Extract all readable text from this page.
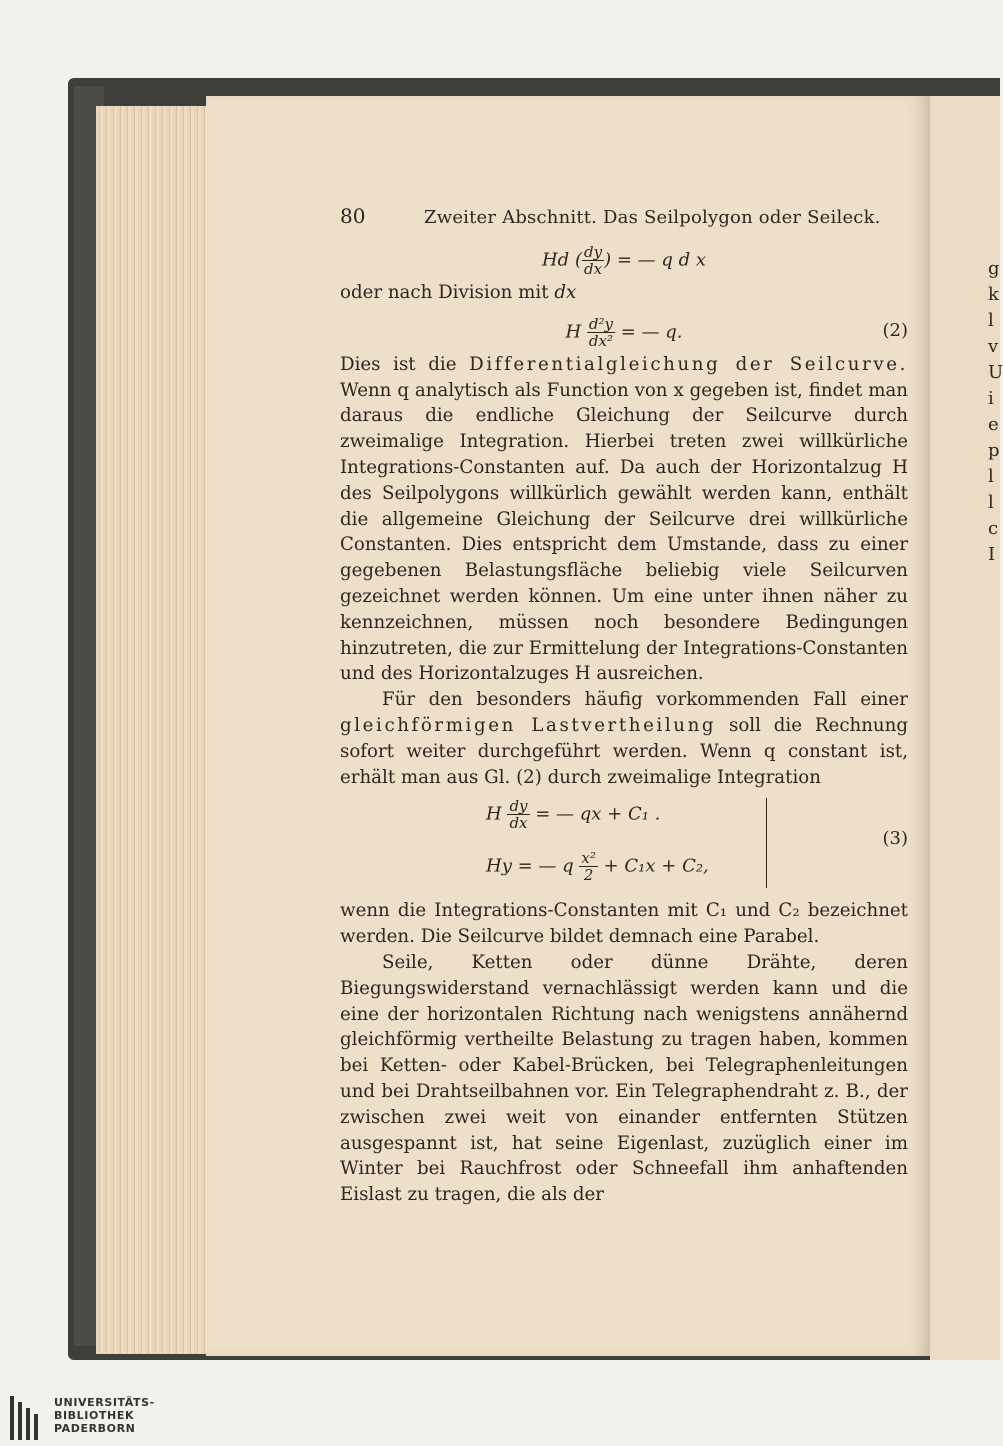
g
k
l
v
U
i
e
p
l
l
c
I
80	Zweiter Abschnitt. Das Seilpolygon oder Seileck.
Hd ( $\frac{dy}{dx}$ ) = — q d x

oder nach Division mit dx

H $\frac{\text{d²y}}{\text{dx²}}$ = — q.	(2)

Dies ist die Differentialgleichung der Seilcurve. Wenn q analytisch als Function von x gegeben ist, findet man daraus die endliche Gleichung der Seilcurve durch zweimalige Integration. Hierbei treten zwei willkürliche Integrations-Constanten auf. Da auch der Horizontalzug H des Seilpolygons willkürlich gewählt werden kann, enthält die allgemeine Gleichung der Seilcurve drei willkürliche Constanten. Dies entspricht dem Umstande, dass zu einer gegebenen Belastungsfläche beliebig viele Seilcurven gezeichnet werden können. Um eine unter ihnen näher zu kennzeichnen, müssen noch besondere Bedingungen hinzutreten, die zur Ermittelung der Integrations-Constanten und des Horizontalzuges H ausreichen.

Für den besonders häufig vorkommenden Fall einer gleichförmigen Lastvertheilung soll die Rechnung sofort weiter durchgeführt werden. Wenn q constant ist, erhält man aus Gl. (2) durch zweimalige Integration

H $\frac{dy}{dx}$ = — qx + C₁ .
Hy = — q $\frac{\text{x²}}{2} + C_1x + C_2$,
(3)

wenn die Integrations-Constanten mit C₁ und C₂ bezeichnet werden. Die Seilcurve bildet demnach eine Parabel.

Seile, Ketten oder dünne Drähte, deren Biegungswiderstand vernachlässigt werden kann und die eine der horizontalen Richtung nach wenigstens annähernd gleichförmig vertheilte Belastung zu tragen haben, kommen bei Ketten- oder Kabel-Brücken, bei Telegraphenleitungen und bei Drahtseilbahnen vor. Ein Telegraphendraht z. B., der zwischen zwei weit von einander entfernten Stützen ausgespannt ist, hat seine Eigenlast, zuzüglich einer im Winter bei Rauchfrost oder Schneefall ihm anhaftenden Eislast zu tragen, die als der

UNIVERSITÄTS-
BIBLIOTHEK
PADERBORN
